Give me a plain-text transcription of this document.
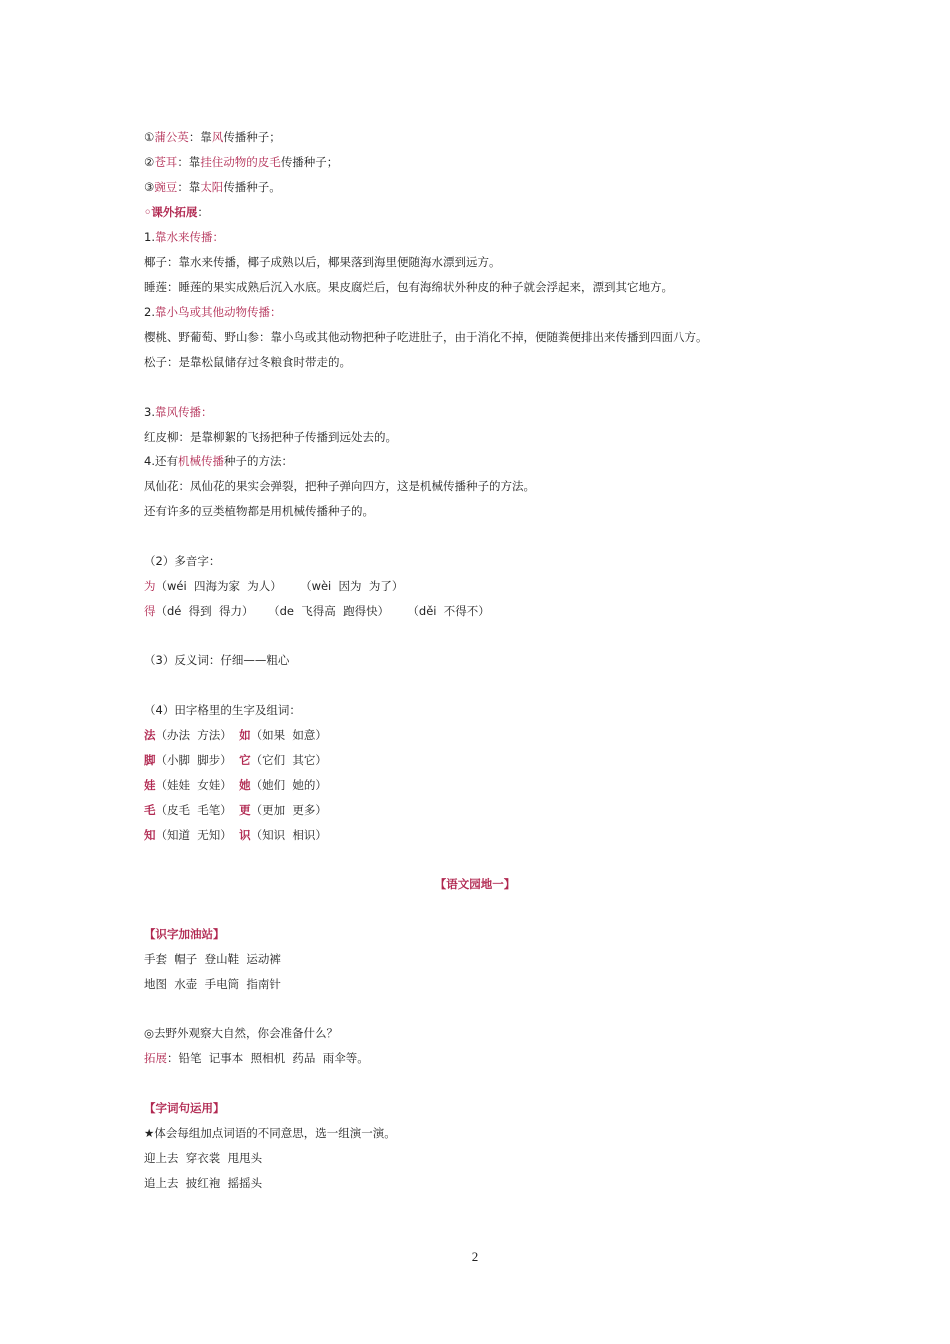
①蒲公英：靠风传播种子；
②苍耳：靠挂住动物的皮毛传播种子；
③豌豆：靠太阳传播种子。
◦课外拓展：
1.靠水来传播：
椰子：靠水来传播，椰子成熟以后，椰果落到海里便随海水漂到远方。
睡莲：睡莲的果实成熟后沉入水底。果皮腐烂后，包有海绵状外种皮的种子就会浮起来，漂到其它地方。
2.靠小鸟或其他动物传播：
樱桃、野葡萄、野山参：靠小鸟或其他动物把种子吃进肚子，由于消化不掉，便随粪便排出来传播到四面八方。
松子：是靠松鼠储存过冬粮食时带走的。
3.靠风传播：
红皮柳：是靠柳絮的飞扬把种子传播到远处去的。
4.还有机械传播种子的方法：
凤仙花：凤仙花的果实会弹裂，把种子弹向四方，这是机械传播种子的方法。
还有许多的豆类植物都是用机械传播种子的。
（2）多音字：
为（wéi  四海为家  为人）     （wèi  因为  为了）
得（dé  得到  得力）    （de  飞得高  跑得快）     （děi  不得不）
（3）反义词：仔细——粗心
（4）田字格里的生字及组词：
法（办法  方法） 如（如果  如意）
脚（小脚  脚步） 它（它们  其它）
娃（娃娃  女娃） 她（她们  她的）
毛（皮毛  毛笔） 更（更加  更多）
知（知道  无知） 识（知识  相识）
【语文园地一】
【识字加油站】
手套  帽子  登山鞋  运动裤
地图  水壶  手电筒  指南针
◎去野外观察大自然，你会准备什么？
拓展：铅笔  记事本  照相机  药品  雨伞等。
【字词句运用】
★体会每组加点词语的不同意思，选一组演一演。
迎上去  穿衣裳  甩甩头
追上去  披红袍  摇摇头
2
